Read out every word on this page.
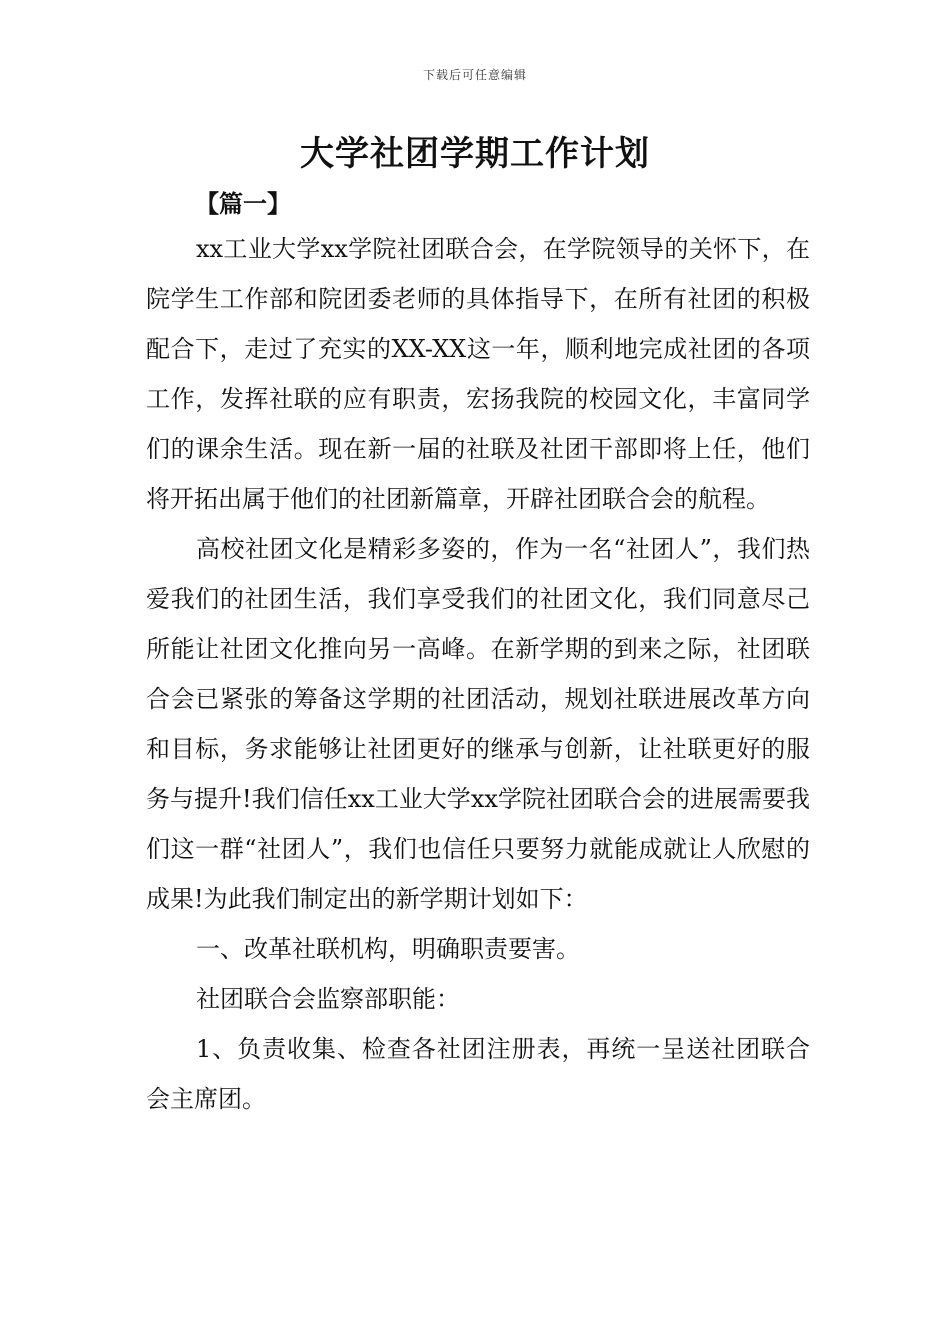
下载后可任意编辑
大学社团学期工作计划
【篇一】

xx工业大学xx学院社团联合会，在学院领导的关怀下，在院学生工作部和院团委老师的具体指导下，在所有社团的积极配合下，走过了充实的XX-XX这一年，顺利地完成社团的各项工作，发挥社联的应有职责，宏扬我院的校园文化，丰富同学们的课余生活。现在新一届的社联及社团干部即将上任，他们将开拓出属于他们的社团新篇章，开辟社团联合会的航程。

高校社团文化是精彩多姿的，作为一名“社团人”，我们热爱我们的社团生活，我们享受我们的社团文化，我们同意尽己所能让社团文化推向另一高峰。在新学期的到来之际，社团联合会已紧张的筹备这学期的社团活动，规划社联进展改革方向和目标，务求能够让社团更好的继承与创新，让社联更好的服务与提升!我们信任xx工业大学xx学院社团联合会的进展需要我们这一群“社团人”，我们也信任只要努力就能成就让人欣慰的成果!为此我们制定出的新学期计划如下：

一、改革社联机构，明确职责要害。

社团联合会监察部职能：

1、负责收集、检查各社团注册表，再统一呈送社团联合会主席团。
